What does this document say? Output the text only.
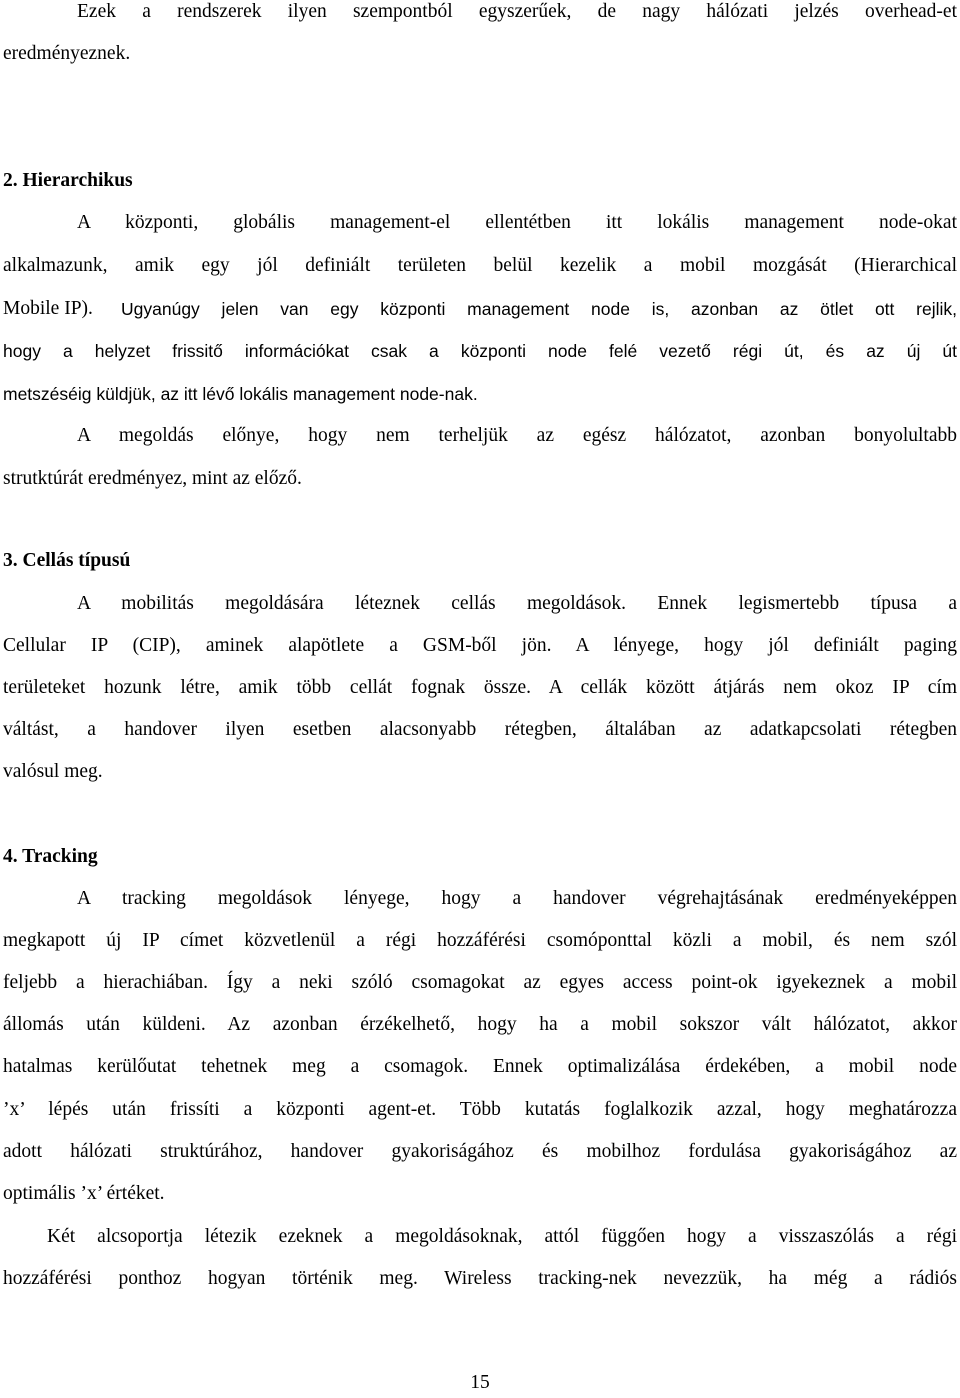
Ezek a rendszerek ilyen szempontból egyszerűek, de nagy hálózati jelzés overhead-et
eredményeznek.
2. Hierarchikus
A központi, globális management-el ellentétben itt lokális management node-okat
alkalmazunk, amik egy jól definiált területen belül kezelik a mobil mozgását (Hierarchical
Mobile IP). Ugyanúgy jelen van egy központi management node is, azonban az ötlet ott rejlik,
hogy a helyzet frissitő információkat csak a központi node felé vezető régi út, és az új út
metszéséig küldjük, az itt lévő lokális management node-nak.
A megoldás előnye, hogy nem terheljük az egész hálózatot, azonban bonyolultabb
strutktúrát eredményez, mint az előző.
3. Cellás típusú
A mobilitás megoldására léteznek cellás megoldások. Ennek legismertebb típusa a
Cellular IP (CIP), aminek alapötlete a GSM-ből jön. A lényege, hogy jól definiált paging
területeket hozunk létre, amik több cellát fognak össze. A cellák között átjárás nem okoz IP cím
váltást, a handover ilyen esetben alacsonyabb rétegben, általában az adatkapcsolati rétegben
valósul meg.
4. Tracking
A tracking megoldások lényege, hogy a handover végrehajtásának eredményeképpen
megkapott új IP címet közvetlenül a régi hozzáférési csomóponttal közli a mobil, és nem szól
feljebb a hierachiában. Így a neki szóló csomagokat az egyes access point-ok igyekeznek a mobil
állomás után küldeni. Az azonban érzékelhető, hogy ha a mobil sokszor vált hálózatot, akkor
hatalmas kerülőutat tehetnek meg a csomagok. Ennek optimalizálása érdekében, a mobil node
’x’ lépés után frissíti a központi agent-et. Több kutatás foglalkozik azzal, hogy meghatározza
adott hálózati struktúrához, handover gyakoriságához és mobilhoz fordulása gyakoriságához az
optimális ’x’ értéket.
Két alcsoportja létezik ezeknek a megoldásoknak, attól függően hogy a visszaszólás a régi
hozzáférési ponthoz hogyan történik meg. Wireless tracking-nek nevezzük, ha még a rádiós
15
